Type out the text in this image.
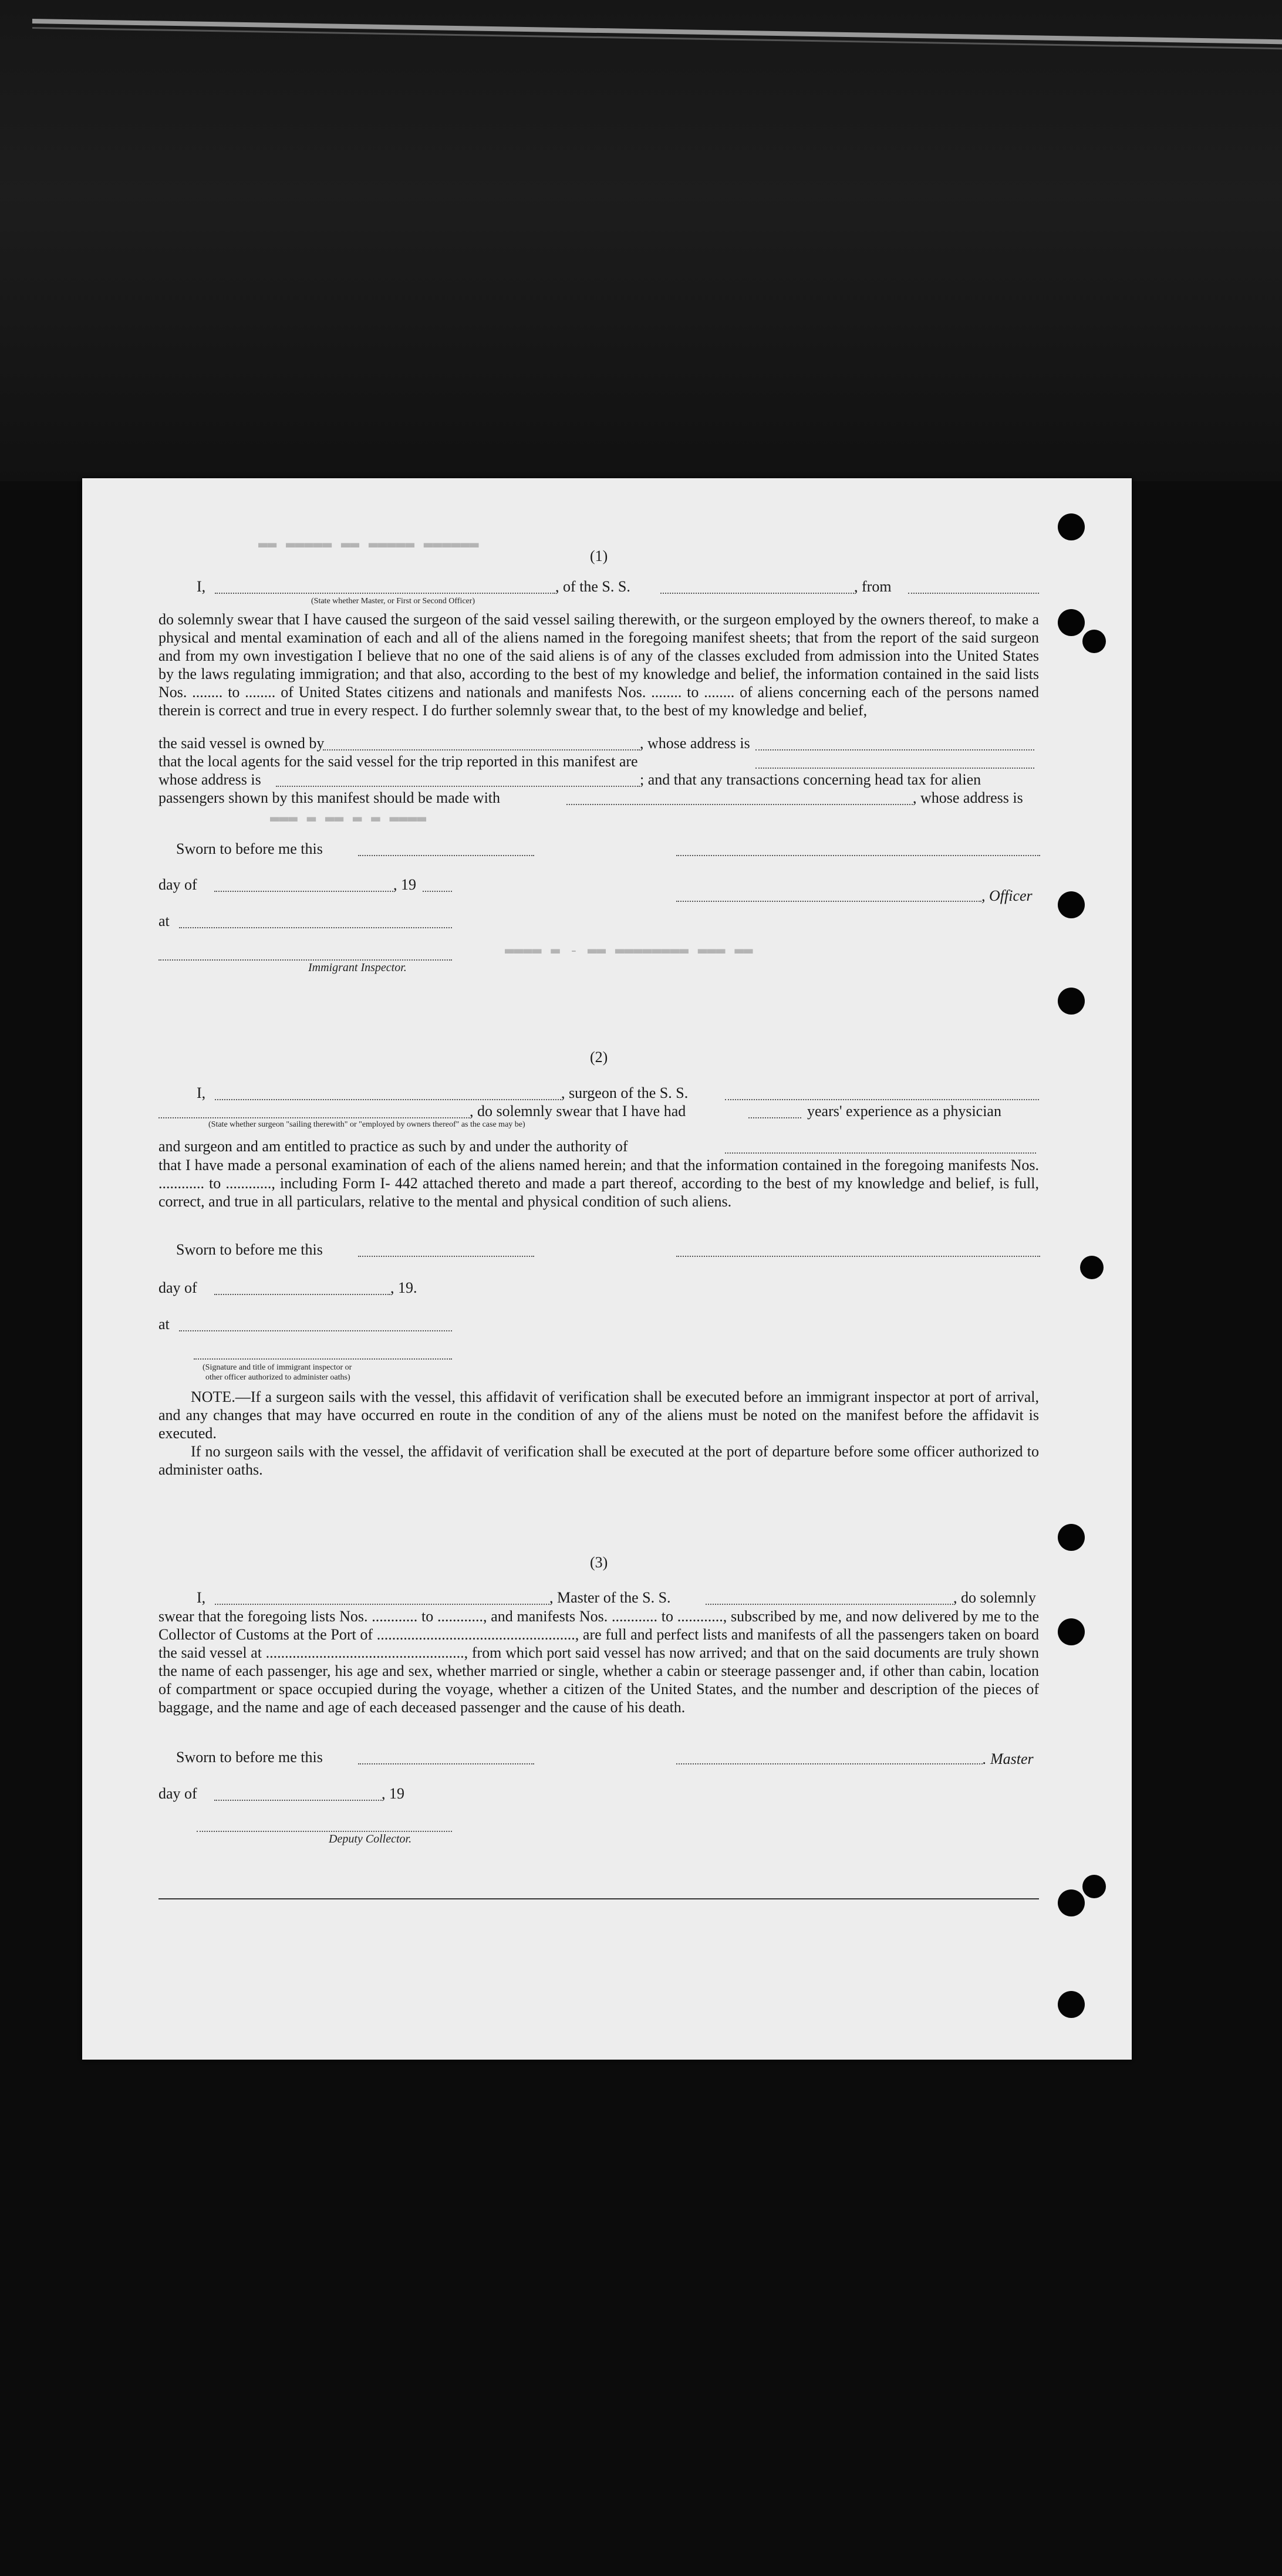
▬▬ ▬▬▬▬▬ ▬▬ ▬▬▬▬▬ ▬▬▬▬▬▬
▬▬▬ ▬ ▬▬ ▬ ▬ ▬▬▬▬
▬▬▬▬ ▬ - ▬▬ ▬▬▬▬▬▬▬▬ ▬▬▬ ▬▬
(1)
I,	, of the S. S.	, from
(State whether Master, or First or Second Officer)

do solemnly swear that I have caused the surgeon of the said vessel sailing therewith, or the surgeon employed by the owners thereof, to make a physical and mental examination of each and all of the aliens named in the foregoing manifest sheets; that from the report of the said surgeon and from my own investigation I believe that no one of the said aliens is of any of the classes excluded from admission into the United States by the laws regulating immigration; and that also, according to the best of my knowledge and belief, the information contained in the said lists Nos. ........ to ........ of United States citizens and nationals and manifests Nos. ........ to ........ of aliens concerning each of the persons named therein is correct and true in every respect. I do further solemnly swear that, to the best of my knowledge and belief,

the said vessel is owned by	, whose address is
that the local agents for the said vessel for the trip reported in this manifest are
whose address is	; and that any transactions concerning head tax for alien
passengers shown by this manifest should be made with	, whose address is
Sworn to before me this
day of	, 19
, Officer
at
Immigrant Inspector.
(2)
I,	, surgeon of the S. S.
, do solemnly swear that I have had	years' experience as a physician
(State whether surgeon "sailing therewith" or "employed by owners thereof" as the case may be)
and surgeon and am entitled to practice as such by and under the authority of

that I have made a personal examination of each of the aliens named herein; and that the information contained in the foregoing manifests Nos. ............ to ............, including Form I- 442 attached thereto and made a part thereof, according to the best of my knowledge and belief, is full, correct, and true in all particulars, relative to the mental and physical condition of such aliens.

Sworn to before me this
day of	, 19.
at
(Signature and title of immigrant inspector or
other officer authorized to administer oaths)

NOTE.—If a surgeon sails with the vessel, this affidavit of verification shall be executed before an immigrant inspector at port of arrival, and any changes that may have occurred en route in the condition of any of the aliens must be noted on the manifest before the affidavit is executed.

If no surgeon sails with the vessel, the affidavit of verification shall be executed at the port of departure before some officer authorized to administer oaths.

(3)
I,	, Master of the S. S.	, do solemnly

swear that the foregoing lists Nos. ............ to ............, and manifests Nos. ............ to ............, subscribed by me, and now delivered by me to the Collector of Customs at the Port of ...................................................., are full and perfect lists and manifests of all the passengers taken on board the said vessel at ...................................................., from which port said vessel has now arrived; and that on the said documents are truly shown the name of each passenger, his age and sex, whether married or single, whether a cabin or steerage passenger and, if other than cabin, location of compartment or space occupied during the voyage, whether a citizen of the United States, and the number and description of the pieces of baggage, and the name and age of each deceased passenger and the cause of his death.

Sworn to before me this	. Master
day of	, 19
Deputy Collector.
